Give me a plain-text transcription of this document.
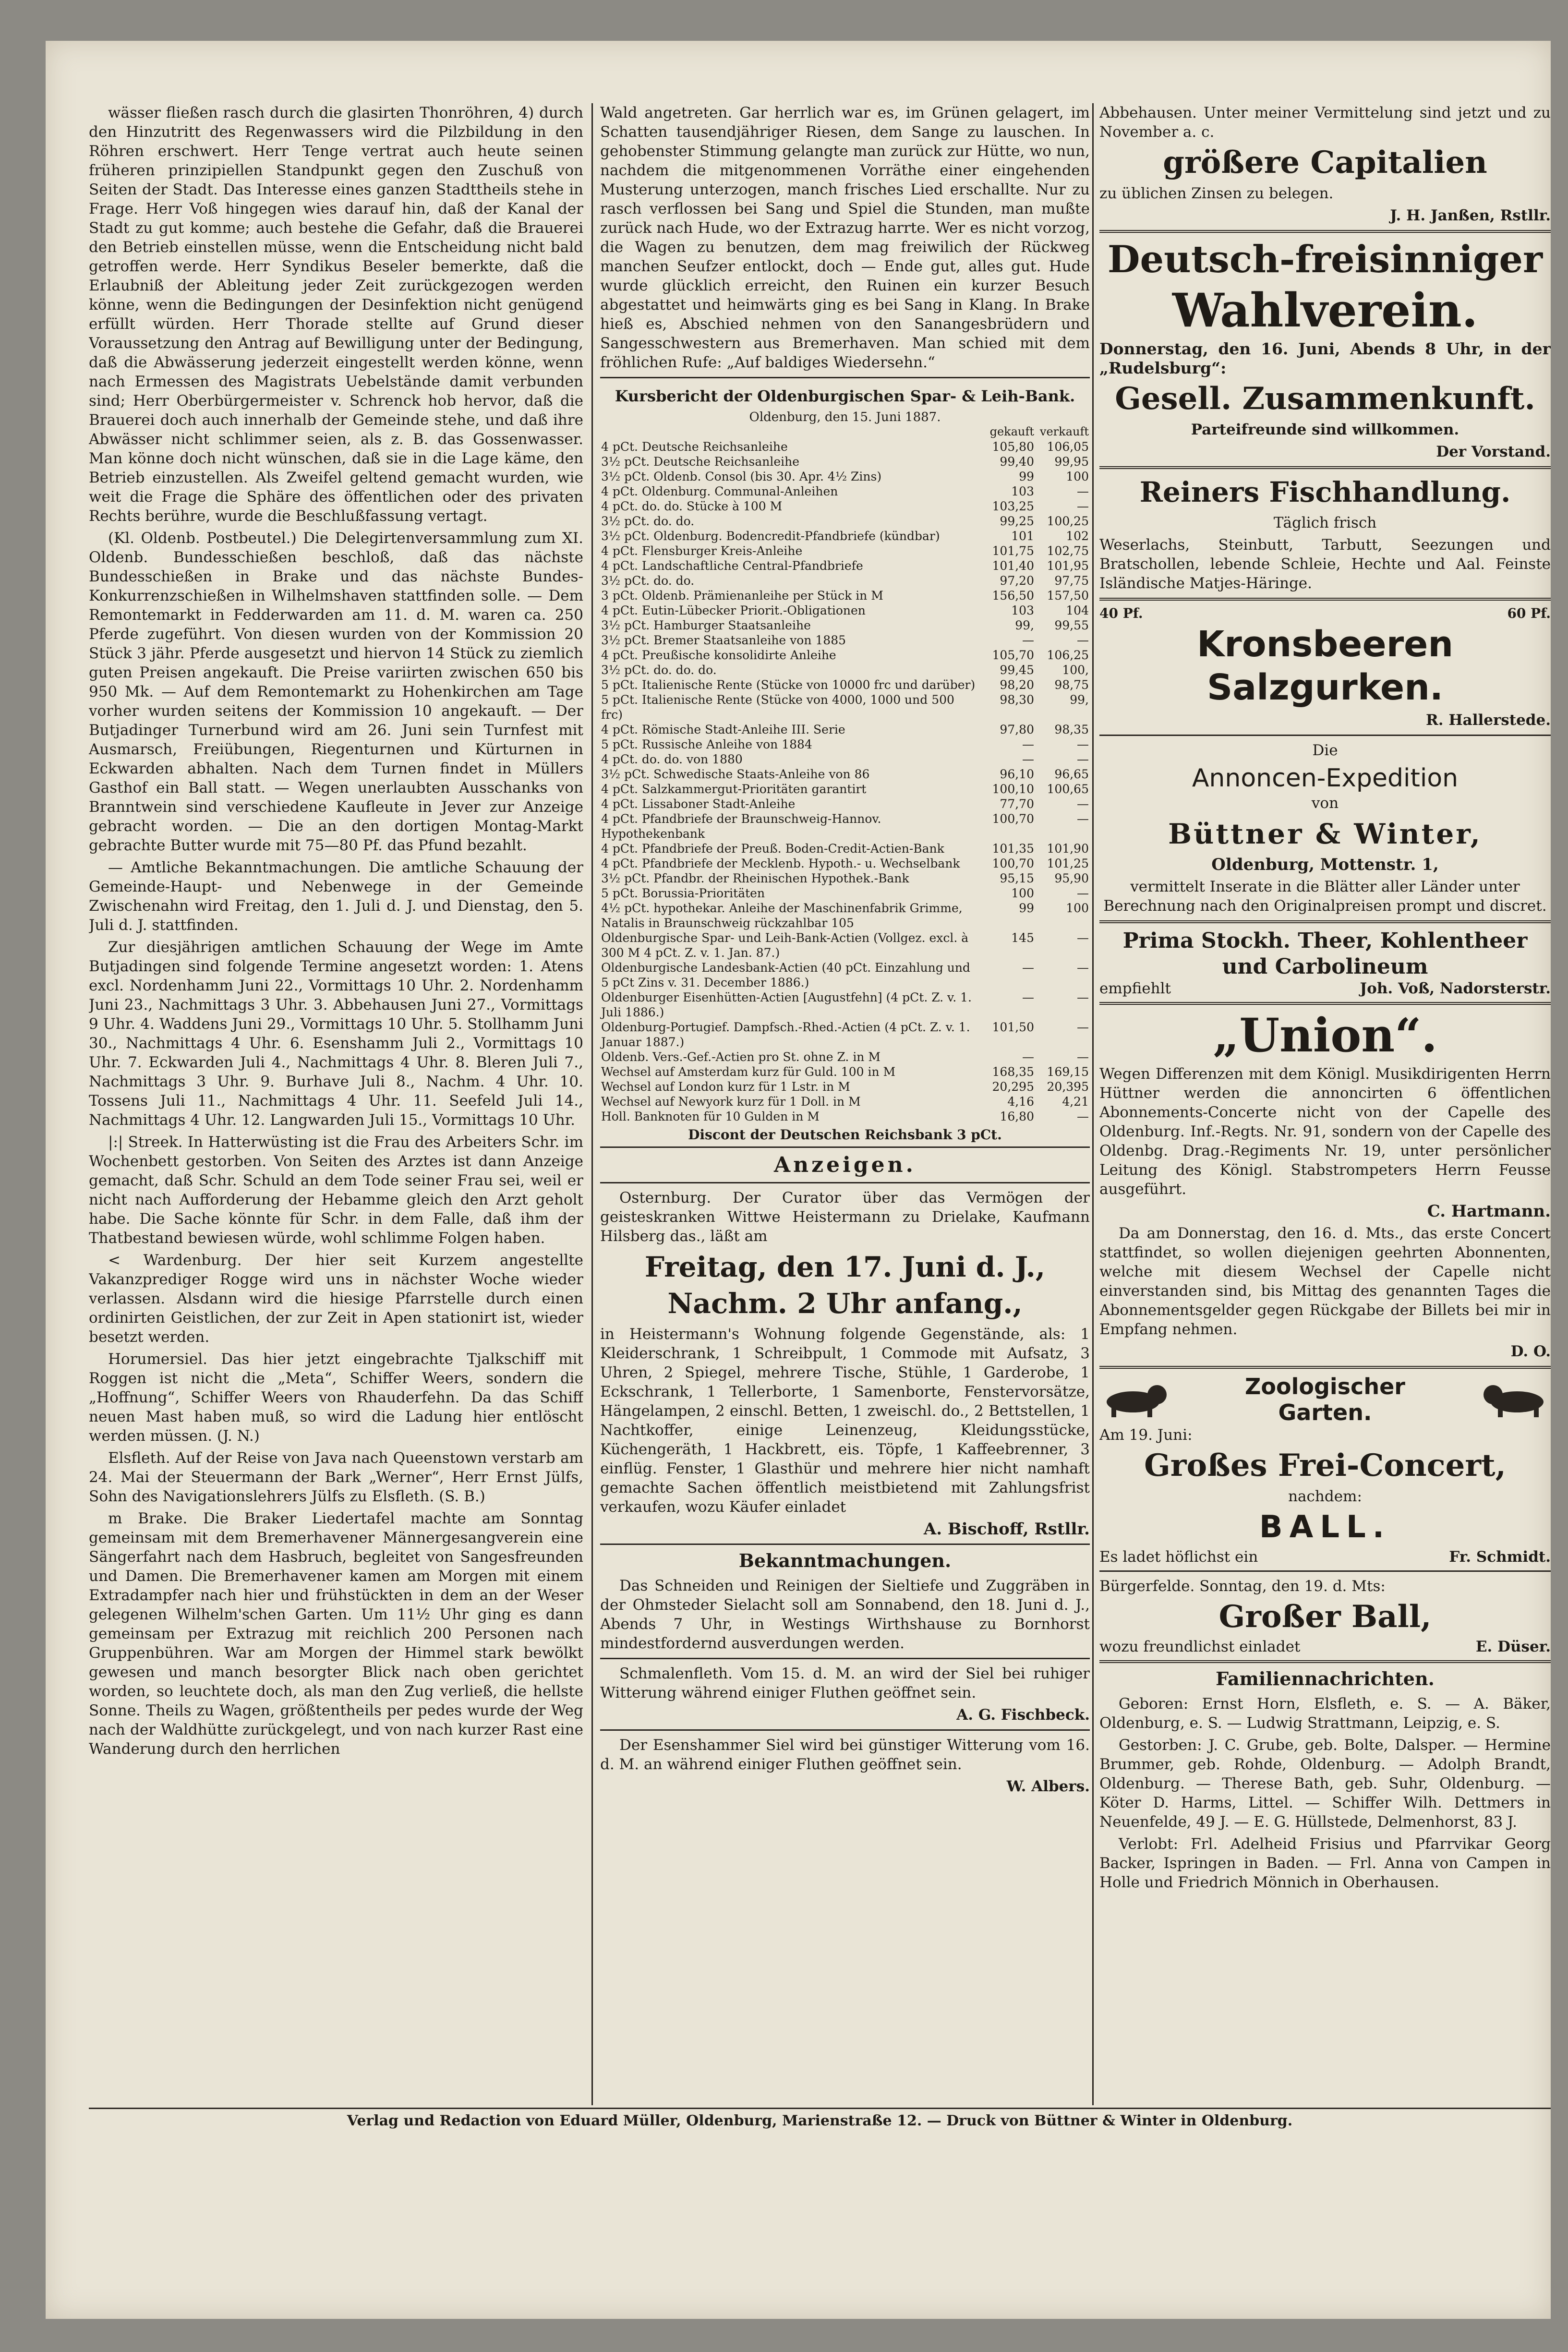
wässer fließen rasch durch die glasirten Thonröhren, 4) durch den Hinzutritt des Regenwassers wird die Pilzbildung in den Röhren erschwert. Herr Tenge vertrat auch heute seinen früheren prinzipiellen Standpunkt gegen den Zuschuß von Seiten der Stadt. Das Interesse eines ganzen Stadttheils stehe in Frage. Herr Voß hingegen wies darauf hin, daß der Kanal der Stadt zu gut komme; auch bestehe die Gefahr, daß die Brauerei den Betrieb einstellen müsse, wenn die Entscheidung nicht bald getroffen werde. Herr Syndikus Beseler bemerkte, daß die Erlaubniß der Ableitung jeder Zeit zurückgezogen werden könne, wenn die Bedingungen der Desinfektion nicht genügend erfüllt würden. Herr Thorade stellte auf Grund dieser Voraussetzung den Antrag auf Bewilligung unter der Bedingung, daß die Abwässerung jederzeit eingestellt werden könne, wenn nach Ermessen des Magistrats Uebelstände damit verbunden sind; Herr Oberbürgermeister v. Schrenck hob hervor, daß die Brauerei doch auch innerhalb der Gemeinde stehe, und daß ihre Abwässer nicht schlimmer seien, als z. B. das Gossenwasser. Man könne doch nicht wünschen, daß sie in die Lage käme, den Betrieb einzustellen. Als Zweifel geltend gemacht wurden, wie weit die Frage die Sphäre des öffentlichen oder des privaten Rechts berühre, wurde die Beschlußfassung vertagt.

(Kl. Oldenb. Postbeutel.) Die Delegirtenversammlung zum XI. Oldenb. Bundesschießen beschloß, daß das nächste Bundesschießen in Brake und das nächste Bundes-Konkurrenzschießen in Wilhelmshaven stattfinden solle. — Dem Remontemarkt in Fedderwarden am 11. d. M. waren ca. 250 Pferde zugeführt. Von diesen wurden von der Kommission 20 Stück 3 jähr. Pferde ausgesetzt und hiervon 14 Stück zu ziemlich guten Preisen angekauft. Die Preise variirten zwischen 650 bis 950 Mk. — Auf dem Remontemarkt zu Hohenkirchen am Tage vorher wurden seitens der Kommission 10 angekauft. — Der Butjadinger Turnerbund wird am 26. Juni sein Turnfest mit Ausmarsch, Freiübungen, Riegenturnen und Kürturnen in Eckwarden abhalten. Nach dem Turnen findet in Müllers Gasthof ein Ball statt. — Wegen unerlaubten Ausschanks von Branntwein sind verschiedene Kaufleute in Jever zur Anzeige gebracht worden. — Die an den dortigen Montag-Markt gebrachte Butter wurde mit 75—80 Pf. das Pfund bezahlt.

— Amtliche Bekanntmachungen. Die amtliche Schauung der Gemeinde-Haupt- und Nebenwege in der Gemeinde Zwischenahn wird Freitag, den 1. Juli d. J. und Dienstag, den 5. Juli d. J. stattfinden.

Zur diesjährigen amtlichen Schauung der Wege im Amte Butjadingen sind folgende Termine angesetzt worden: 1. Atens excl. Nordenhamm Juni 22., Vormittags 10 Uhr. 2. Nordenhamm Juni 23., Nachmittags 3 Uhr. 3. Abbehausen Juni 27., Vormittags 9 Uhr. 4. Waddens Juni 29., Vormittags 10 Uhr. 5. Stollhamm Juni 30., Nachmittags 4 Uhr. 6. Esenshamm Juli 2., Vormittags 10 Uhr. 7. Eckwarden Juli 4., Nachmittags 4 Uhr. 8. Bleren Juli 7., Nachmittags 3 Uhr. 9. Burhave Juli 8., Nachm. 4 Uhr. 10. Tossens Juli 11., Nachmittags 4 Uhr. 11. Seefeld Juli 14., Nachmittags 4 Uhr. 12. Langwarden Juli 15., Vormittags 10 Uhr.

|:| Streek. In Hatterwüsting ist die Frau des Arbeiters Schr. im Wochenbett gestorben. Von Seiten des Arztes ist dann Anzeige gemacht, daß Schr. Schuld an dem Tode seiner Frau sei, weil er nicht nach Aufforderung der Hebamme gleich den Arzt geholt habe. Die Sache könnte für Schr. in dem Falle, daß ihm der Thatbestand bewiesen würde, wohl schlimme Folgen haben.

< Wardenburg. Der hier seit Kurzem angestellte Vakanzprediger Rogge wird uns in nächster Woche wieder verlassen. Alsdann wird die hiesige Pfarrstelle durch einen ordinirten Geistlichen, der zur Zeit in Apen stationirt ist, wieder besetzt werden.

Horumersiel. Das hier jetzt eingebrachte Tjalkschiff mit Roggen ist nicht die „Meta“, Schiffer Weers, sondern die „Hoffnung“, Schiffer Weers von Rhauderfehn. Da das Schiff neuen Mast haben muß, so wird die Ladung hier entlöscht werden müssen. (J. N.)

Elsfleth. Auf der Reise von Java nach Queenstown verstarb am 24. Mai der Steuermann der Bark „Werner“, Herr Ernst Jülfs, Sohn des Navigationslehrers Jülfs zu Elsfleth. (S. B.)

m Brake. Die Braker Liedertafel machte am Sonntag gemeinsam mit dem Bremerhavener Männergesangverein eine Sängerfahrt nach dem Hasbruch, begleitet von Sangesfreunden und Damen. Die Bremerhavener kamen am Morgen mit einem Extradampfer nach hier und frühstückten in dem an der Weser gelegenen Wilhelm'schen Garten. Um 11½ Uhr ging es dann gemeinsam per Extrazug mit reichlich 200 Personen nach Gruppenbühren. War am Morgen der Himmel stark bewölkt gewesen und manch besorgter Blick nach oben gerichtet worden, so leuchtete doch, als man den Zug verließ, die hellste Sonne. Theils zu Wagen, größtentheils per pedes wurde der Weg nach der Waldhütte zurückgelegt, und von nach kurzer Rast eine Wanderung durch den herrlichen

Wald angetreten. Gar herrlich war es, im Grünen gelagert, im Schatten tausendjähriger Riesen, dem Sange zu lauschen. In gehobenster Stimmung gelangte man zurück zur Hütte, wo nun, nachdem die mitgenommenen Vorräthe einer eingehenden Musterung unterzogen, manch frisches Lied erschallte. Nur zu rasch verflossen bei Sang und Spiel die Stunden, man mußte zurück nach Hude, wo der Extrazug harrte. Wer es nicht vorzog, die Wagen zu benutzen, dem mag freiwilich der Rückweg manchen Seufzer entlockt, doch — Ende gut, alles gut. Hude wurde glücklich erreicht, den Ruinen ein kurzer Besuch abgestattet und heimwärts ging es bei Sang in Klang. In Brake hieß es, Abschied nehmen von den Sanangesbrüdern und Sangesschwestern aus Bremerhaven. Man schied mit dem fröhlichen Rufe: „Auf baldiges Wiedersehn.“

Kursbericht der Oldenburgischen Spar- & Leih-Bank.
Oldenburg, den 15. Juni 1887.
	gekauft	verkauft
4 pCt. Deutsche Reichsanleihe	105,80	106,05
3½ pCt. Deutsche Reichsanleihe	99,40	99,95
3½ pCt. Oldenb. Consol (bis 30. Apr. 4½ Zins)	99	100
4 pCt. Oldenburg. Communal-Anleihen	103	—
4 pCt. do. do. Stücke à 100 M	103,25	—
3½ pCt. do. do.	99,25	100,25
3½ pCt. Oldenburg. Bodencredit-Pfandbriefe (kündbar)	101	102
4 pCt. Flensburger Kreis-Anleihe	101,75	102,75
4 pCt. Landschaftliche Central-Pfandbriefe	101,40	101,95
3½ pCt. do. do.	97,20	97,75
3 pCt. Oldenb. Prämienanleihe per Stück in M	156,50	157,50
4 pCt. Eutin-Lübecker Priorit.-Obligationen	103	104
3½ pCt. Hamburger Staatsanleihe	99,	99,55
3½ pCt. Bremer Staatsanleihe von 1885	—	—
4 pCt. Preußische konsolidirte Anleihe	105,70	106,25
3½ pCt. do. do. do.	99,45	100,
5 pCt. Italienische Rente (Stücke von 10000 frc und darüber)	98,20	98,75
5 pCt. Italienische Rente (Stücke von 4000, 1000 und 500 frc)	98,30	99,
4 pCt. Römische Stadt-Anleihe III. Serie	97,80	98,35
5 pCt. Russische Anleihe von 1884	—	—
4 pCt. do. do. von 1880	—	—
3½ pCt. Schwedische Staats-Anleihe von 86	96,10	96,65
4 pCt. Salzkammergut-Prioritäten garantirt	100,10	100,65
4 pCt. Lissaboner Stadt-Anleihe	77,70	—
4 pCt. Pfandbriefe der Braunschweig-Hannov. Hypothekenbank	100,70	—
4 pCt. Pfandbriefe der Preuß. Boden-Credit-Actien-Bank	101,35	101,90
4 pCt. Pfandbriefe der Mecklenb. Hypoth.- u. Wechselbank	100,70	101,25
3½ pCt. Pfandbr. der Rheinischen Hypothek.-Bank	95,15	95,90
5 pCt. Borussia-Prioritäten	100	—
4½ pCt. hypothekar. Anleihe der Maschinenfabrik Grimme, Natalis in Braunschweig rückzahlbar 105	99	100
Oldenburgische Spar- und Leih-Bank-Actien (Vollgez. excl. à 300 M 4 pCt. Z. v. 1. Jan. 87.)	145	—
Oldenburgische Landesbank-Actien (40 pCt. Einzahlung und 5 pCt Zins v. 31. December 1886.)	—	—
Oldenburger Eisenhütten-Actien [Augustfehn] (4 pCt. Z. v. 1. Juli 1886.)	—	—
Oldenburg-Portugief. Dampfsch.-Rhed.-Actien (4 pCt. Z. v. 1. Januar 1887.)	101,50	—
Oldenb. Vers.-Gef.-Actien pro St. ohne Z. in M	—	—
Wechsel auf Amsterdam kurz für Guld. 100 in M	168,35	169,15
Wechsel auf London kurz für 1 Lstr. in M	20,295	20,395
Wechsel auf Newyork kurz für 1 Doll. in M	4,16	4,21
Holl. Banknoten für 10 Gulden in M	16,80	—
Discont der Deutschen Reichsbank 3 pCt.
Anzeigen.

Osternburg. Der Curator über das Vermögen der geisteskranken Wittwe Heistermann zu Drielake, Kaufmann Hilsberg das., läßt am

Freitag, den 17. Juni d. J., Nachm. 2 Uhr anfang.,

in Heistermann's Wohnung folgende Gegenstände, als: 1 Kleiderschrank, 1 Schreibpult, 1 Commode mit Aufsatz, 3 Uhren, 2 Spiegel, mehrere Tische, Stühle, 1 Garderobe, 1 Eckschrank, 1 Tellerborte, 1 Samenborte, Fenstervorsätze, Hängelampen, 2 einschl. Betten, 1 zweischl. do., 2 Bettstellen, 1 Nachtkoffer, einige Leinenzeug, Kleidungsstücke, Küchengeräth, 1 Hackbrett, eis. Töpfe, 1 Kaffeebrenner, 3 einflüg. Fenster, 1 Glasthür und mehrere hier nicht namhaft gemachte Sachen öffentlich meistbietend mit Zahlungsfrist verkaufen, wozu Käufer einladet

A. Bischoff, Rstllr.

Bekanntmachungen.

Das Schneiden und Reinigen der Sieltiefe und Zuggräben in der Ohmsteder Sielacht soll am Sonnabend, den 18. Juni d. J., Abends 7 Uhr, in Westings Wirthshause zu Bornhorst mindestfordernd ausverdungen werden.

Schmalenfleth. Vom 15. d. M. an wird der Siel bei ruhiger Witterung während einiger Fluthen geöffnet sein.

A. G. Fischbeck.

Der Esenshammer Siel wird bei günstiger Witterung vom 16. d. M. an während einiger Fluthen geöffnet sein.

W. Albers.

Abbehausen. Unter meiner Vermittelung sind jetzt und zu November a. c.

größere Capitalien

zu üblichen Zinsen zu belegen.

J. H. Janßen, Rstllr.

Deutsch-freisinniger
Wahlverein.

Donnerstag, den 16. Juni, Abends 8 Uhr, in der „Rudelsburg“:

Gesell. Zusammenkunft.

Parteifreunde sind willkommen.

Der Vorstand.

Reiners Fischhandlung.

Täglich frisch

Weserlachs, Steinbutt, Tarbutt, Seezungen und Bratschollen, lebende Schleie, Hechte und Aal. Feinste Isländische Matjes-Häringe.

40 Pf.	60 Pf.
Kronsbeeren
Salzgurken.

R. Hallerstede.

Die

Annoncen-Expedition

von

Büttner & Winter,

Oldenburg, Mottenstr. 1,

vermittelt Inserate in die Blätter aller Länder unter Berechnung nach den Originalpreisen prompt und discret.

Prima Stockh. Theer, Kohlentheer und Carbolineum
empfiehlt	Joh. Voß, Nadorsterstr.
„Union“.

Wegen Differenzen mit dem Königl. Musikdirigenten Herrn Hüttner werden die annoncirten 6 öffentlichen Abonnements-Concerte nicht von der Capelle des Oldenburg. Inf.-Regts. Nr. 91, sondern von der Capelle des Oldenbg. Drag.-Regiments Nr. 19, unter persönlicher Leitung des Königl. Stabstrompeters Herrn Feusse ausgeführt.

C. Hartmann.

Da am Donnerstag, den 16. d. Mts., das erste Concert stattfindet, so wollen diejenigen geehrten Abonnenten, welche mit diesem Wechsel der Capelle nicht einverstanden sind, bis Mittag des genannten Tages die Abonnementsgelder gegen Rückgabe der Billets bei mir in Empfang nehmen.

D. O.

Zoologischer
Garten.

Am 19. Juni:

Großes Frei-Concert,

nachdem:

BALL.
Es ladet höflichst ein	Fr. Schmidt.

Bürgerfelde. Sonntag, den 19. d. Mts:

Großer Ball,
wozu freundlichst einladet	E. Düser.
Familiennachrichten.

Geboren: Ernst Horn, Elsfleth, e. S. — A. Bäker, Oldenburg, e. S. — Ludwig Strattmann, Leipzig, e. S.

Gestorben: J. C. Grube, geb. Bolte, Dalsper. — Hermine Brummer, geb. Rohde, Oldenburg. — Adolph Brandt, Oldenburg. — Therese Bath, geb. Suhr, Oldenburg. — Köter D. Harms, Littel. — Schiffer Wilh. Dettmers in Neuenfelde, 49 J. — E. G. Hüllstede, Delmenhorst, 83 J.

Verlobt: Frl. Adelheid Frisius und Pfarrvikar Georg Backer, Ispringen in Baden. — Frl. Anna von Campen in Holle und Friedrich Mönnich in Oberhausen.

Verlag und Redaction von Eduard Müller, Oldenburg, Marienstraße 12. — Druck von Büttner & Winter in Oldenburg.
